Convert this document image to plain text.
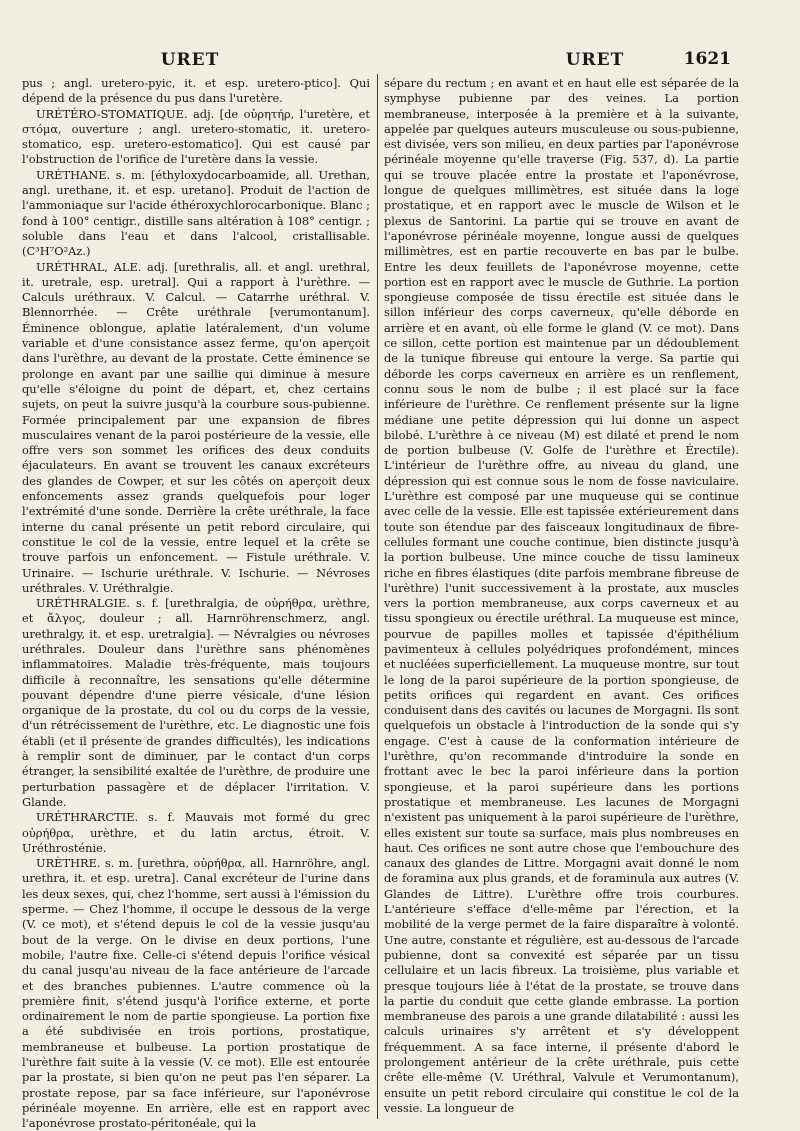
URET	URET	1621

pus ; angl. uretero-pyic, it. et esp. uretero-ptico]. Qui dépend de la présence du pus dans l'uretère.

URÉTÉRO-STOMATIQUE. adj. [de οὐρητήρ, l'uretère, et στόμα, ouverture ; angl. uretero-stomatic, it. uretero-stomatico, esp. uretero-estomatico]. Qui est causé par l'obstruction de l'orifice de l'uretère dans la vessie.

URÉTHANE. s. m. [éthyloxydocarboamide, all. Urethan, angl. urethane, it. et esp. uretano]. Produit de l'action de l'ammoniaque sur l'acide éthéroxychlorocarbonique. Blanc ; fond à 100° centigr., distille sans altération à 108° centigr. ; soluble dans l'eau et dans l'alcool, cristallisable. (C³H⁷O²Az.)

URÉTHRAL, ALE. adj. [urethralis, all. et angl. urethral, it. uretrale, esp. uretral]. Qui a rapport à l'urèthre. — Calculs uréthraux. V. Calcul. — Catarrhe uréthral. V. Blennorrhée. — Crête uréthrale [verumontanum]. Éminence oblongue, aplatie latéralement, d'un volume variable et d'une consistance assez ferme, qu'on aperçoit dans l'urèthre, au devant de la prostate. Cette éminence se prolonge en avant par une saillie qui diminue à mesure qu'elle s'éloigne du point de départ, et, chez certains sujets, on peut la suivre jusqu'à la courbure sous-pubienne. Formée principalement par une expansion de fibres musculaires venant de la paroi postérieure de la vessie, elle offre vers son sommet les orifices des deux conduits éjaculateurs. En avant se trouvent les canaux excréteurs des glandes de Cowper, et sur les côtés on aperçoit deux enfoncements assez grands quelquefois pour loger l'extrémité d'une sonde. Derrière la crête uréthrale, la face interne du canal présente un petit rebord circulaire, qui constitue le col de la vessie, entre lequel et la crête se trouve parfois un enfoncement. — Fistule uréthrale. V. Urinaire. — Ischurie uréthrale. V. Ischurie. — Névroses uréthrales. V. Uréthralgie.

URÉTHRALGIE. s. f. [urethralgia, de οὐρήθρα, urèthre, et ἄλγος, douleur ; all. Harnröhrenschmerz, angl. urethralgy, it. et esp. uretralgia]. — Névralgies ou névroses uréthrales. Douleur dans l'urèthre sans phénomènes inflammatoires. Maladie très-fréquente, mais toujours difficile à reconnaître, les sensations qu'elle détermine pouvant dépendre d'une pierre vésicale, d'une lésion organique de la prostate, du col ou du corps de la vessie, d'un rétrécissement de l'urèthre, etc. Le diagnostic une fois établi (et il présente de grandes difficultés), les indications à remplir sont de diminuer, par le contact d'un corps étranger, la sensibilité exaltée de l'urèthre, de produire une perturbation passagère et de déplacer l'irritation. V. Glande.

URÉTHRARCTIE. s. f. Mauvais mot formé du grec οὐρήθρα, urèthre, et du latin arctus, étroit. V. Uréthrosténie.

URÈTHRE. s. m. [urethra, οὐρήθρα, all. Harnröhre, angl. urethra, it. et esp. uretra]. Canal excréteur de l'urine dans les deux sexes, qui, chez l'homme, sert aussi à l'émission du sperme. — Chez l'homme, il occupe le dessous de la verge (V. ce mot), et s'étend depuis le col de la vessie jusqu'au bout de la verge. On le divise en deux portions, l'une mobile, l'autre fixe. Celle-ci s'étend depuis l'orifice vésical du canal jusqu'au niveau de la face antérieure de l'arcade et des branches pubiennes. L'autre commence où la première finit, s'étend jusqu'à l'orifice externe, et porte ordinairement le nom de partie spongieuse. La portion fixe a été subdivisée en trois portions, prostatique, membraneuse et bulbeuse. La portion prostatique de l'urèthre fait suite à la vessie (V. ce mot). Elle est entourée par la prostate, si bien qu'on ne peut pas l'en séparer. La prostate repose, par sa face inférieure, sur l'aponévrose périnéale moyenne. En arrière, elle est en rapport avec l'aponévrose prostato-péritonéale, qui la

sépare du rectum ; en avant et en haut elle est séparée de la symphyse pubienne par des veines. La portion membraneuse, interposée à la première et à la suivante, appelée par quelques auteurs musculeuse ou sous-pubienne, est divisée, vers son milieu, en deux parties par l'aponévrose périnéale moyenne qu'elle traverse (Fig. 537, d). La partie qui se trouve placée entre la prostate et l'aponévrose, longue de quelques millimètres, est située dans la loge prostatique, et en rapport avec le muscle de Wilson et le plexus de Santorini. La partie qui se trouve en avant de l'aponévrose périnéale moyenne, longue aussi de quelques millimètres, est en partie recouverte en bas par le bulbe. Entre les deux feuillets de l'aponévrose moyenne, cette portion est en rapport avec le muscle de Guthrie. La portion spongieuse composée de tissu érectile est située dans le sillon inférieur des corps caverneux, qu'elle déborde en arrière et en avant, où elle forme le gland (V. ce mot). Dans ce sillon, cette portion est maintenue par un dédoublement de la tunique fibreuse qui entoure la verge. Sa partie qui déborde les corps caverneux en arrière es un renflement, connu sous le nom de bulbe ; il est placé sur la face inférieure de l'urèthre. Ce renflement présente sur la ligne médiane une petite dépression qui lui donne un aspect bilobé. L'urèthre à ce niveau (M) est dilaté et prend le nom de portion bulbeuse (V. Golfe de l'urèthre et Érectile). L'intérieur de l'urèthre offre, au niveau du gland, une dépression qui est connue sous le nom de fosse naviculaire. L'urèthre est composé par une muqueuse qui se continue avec celle de la vessie. Elle est tapissée extérieurement dans toute son étendue par des faisceaux longitudinaux de fibre-cellules formant une couche continue, bien distincte jusqu'à la portion bulbeuse. Une mince couche de tissu lamineux riche en fibres élastiques (dite parfois membrane fibreuse de l'urèthre) l'unit successivement à la prostate, aux muscles vers la portion membraneuse, aux corps caverneux et au tissu spongieux ou érectile uréthral. La muqueuse est mince, pourvue de papilles molles et tapissée d'épithélium pavimenteux à cellules polyédriques profondément, minces et nucléées superficiellement. La muqueuse montre, sur tout le long de la paroi supérieure de la portion spongieuse, de petits orifices qui regardent en avant. Ces orifices conduisent dans des cavités ou lacunes de Morgagni. Ils sont quelquefois un obstacle à l'introduction de la sonde qui s'y engage. C'est à cause de la conformation intérieure de l'urèthre, qu'on recommande d'introduire la sonde en frottant avec le bec la paroi inférieure dans la portion spongieuse, et la paroi supérieure dans les portions prostatique et membraneuse. Les lacunes de Morgagni n'existent pas uniquement à la paroi supérieure de l'urèthre, elles existent sur toute sa surface, mais plus nombreuses en haut. Ces orifices ne sont autre chose que l'embouchure des canaux des glandes de Littre. Morgagni avait donné le nom de foramina aux plus grands, et de foraminula aux autres (V. Glandes de Littre). L'urèthre offre trois courbures. L'antérieure s'efface d'elle-même par l'érection, et la mobilité de la verge permet de la faire disparaître à volonté. Une autre, constante et régulière, est au-dessous de l'arcade pubienne, dont sa convexité est séparée par un tissu cellulaire et un lacis fibreux. La troisième, plus variable et presque toujours liée à l'état de la prostate, se trouve dans la partie du conduit que cette glande embrasse. La portion membraneuse des parois a une grande dilatabilité : aussi les calculs urinaires s'y arrêtent et s'y développent fréquemment. A sa face interne, il présente d'abord le prolongement antérieur de la crête uréthrale, puis cette crête elle-même (V. Uréthral, Valvule et Verumontanum), ensuite un petit rebord circulaire qui constitue le col de la vessie. La longueur de
